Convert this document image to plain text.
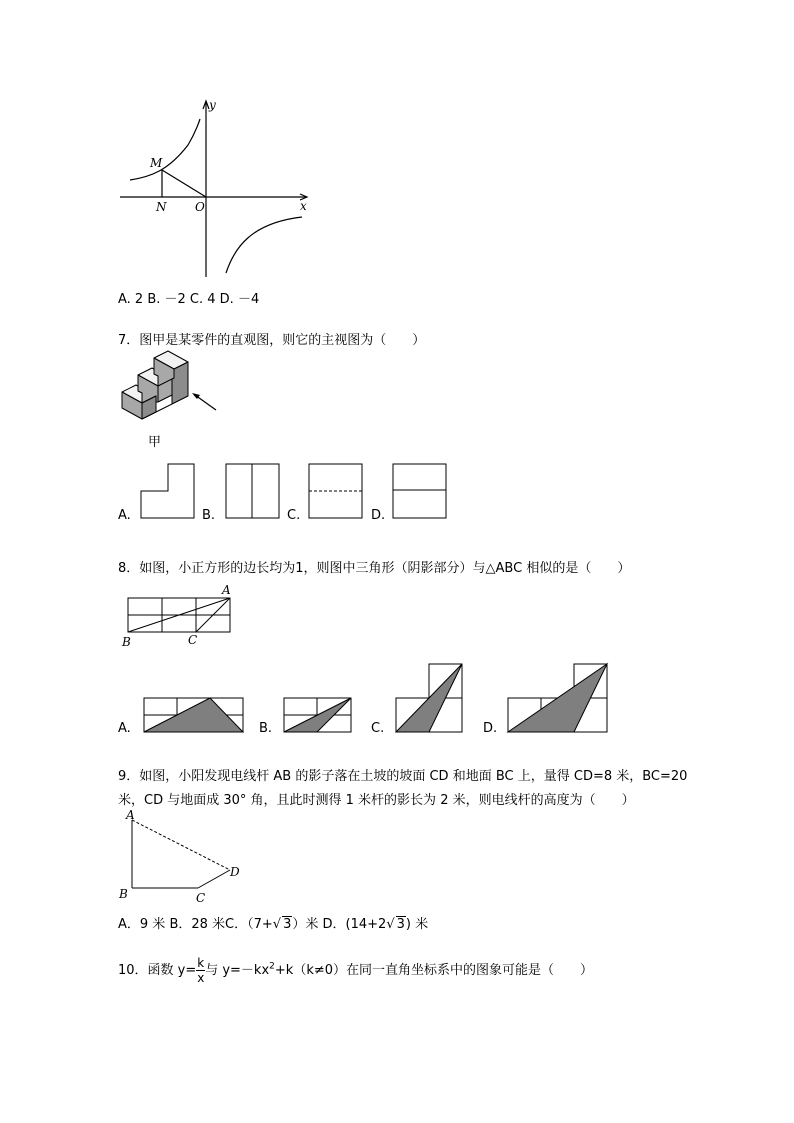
y
x
M
N O
A. 2 B. －2 C. 4 D. －4
7．图甲是某零件的直观图，则它的主视图为（　　）
甲
A.	B.	C.	D.
8．如图，小正方形的边长均为1，则图中三角形（阴影部分）与△ABC 相似的是（　　）
A
B	C
A.	B.	C.	D.
9．如图，小阳发现电线杆 AB 的影子落在土坡的坡面 CD 和地面 BC 上，量得 CD=8 米，BC=20
米，CD 与地面成 30° 角，且此时测得 1 米杆的影长为 2 米，则电线杆的高度为（　　）
A
B	C
D
A．9 米 B．28 米C．（7+√ 3）米 D．(14+2√ 3) 米
10．函数 $y= \frac{k}{x}$ 与 $y=-kx^2+k(k\ne 0)$在同一直角坐标系中的图象可能是（　　）
